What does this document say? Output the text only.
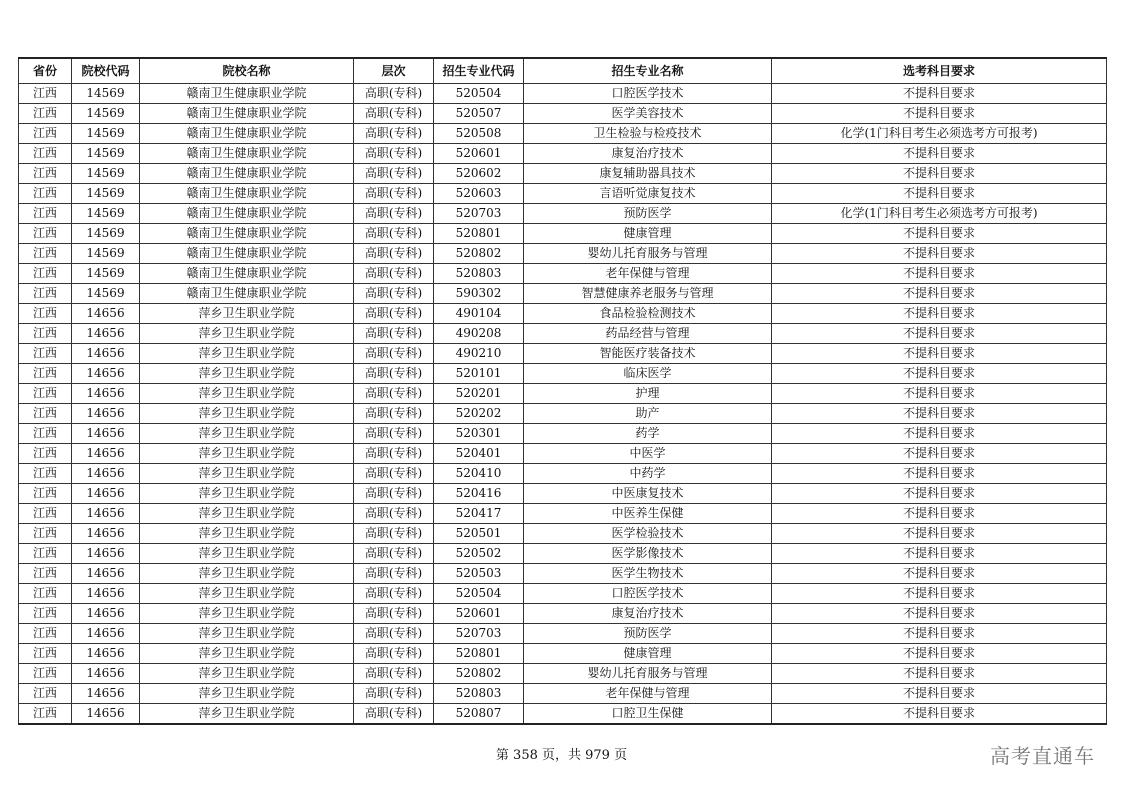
省份	院校代码	院校名称	层次	招生专业代码	招生专业名称	选考科目要求
江西	14569	赣南卫生健康职业学院	高职(专科)	520504	口腔医学技术	不提科目要求
江西	14569	赣南卫生健康职业学院	高职(专科)	520507	医学美容技术	不提科目要求
江西	14569	赣南卫生健康职业学院	高职(专科)	520508	卫生检验与检疫技术	化学(1门科目考生必须选考方可报考)
江西	14569	赣南卫生健康职业学院	高职(专科)	520601	康复治疗技术	不提科目要求
江西	14569	赣南卫生健康职业学院	高职(专科)	520602	康复辅助器具技术	不提科目要求
江西	14569	赣南卫生健康职业学院	高职(专科)	520603	言语听觉康复技术	不提科目要求
江西	14569	赣南卫生健康职业学院	高职(专科)	520703	预防医学	化学(1门科目考生必须选考方可报考)
江西	14569	赣南卫生健康职业学院	高职(专科)	520801	健康管理	不提科目要求
江西	14569	赣南卫生健康职业学院	高职(专科)	520802	婴幼儿托育服务与管理	不提科目要求
江西	14569	赣南卫生健康职业学院	高职(专科)	520803	老年保健与管理	不提科目要求
江西	14569	赣南卫生健康职业学院	高职(专科)	590302	智慧健康养老服务与管理	不提科目要求
江西	14656	萍乡卫生职业学院	高职(专科)	490104	食品检验检测技术	不提科目要求
江西	14656	萍乡卫生职业学院	高职(专科)	490208	药品经营与管理	不提科目要求
江西	14656	萍乡卫生职业学院	高职(专科)	490210	智能医疗装备技术	不提科目要求
江西	14656	萍乡卫生职业学院	高职(专科)	520101	临床医学	不提科目要求
江西	14656	萍乡卫生职业学院	高职(专科)	520201	护理	不提科目要求
江西	14656	萍乡卫生职业学院	高职(专科)	520202	助产	不提科目要求
江西	14656	萍乡卫生职业学院	高职(专科)	520301	药学	不提科目要求
江西	14656	萍乡卫生职业学院	高职(专科)	520401	中医学	不提科目要求
江西	14656	萍乡卫生职业学院	高职(专科)	520410	中药学	不提科目要求
江西	14656	萍乡卫生职业学院	高职(专科)	520416	中医康复技术	不提科目要求
江西	14656	萍乡卫生职业学院	高职(专科)	520417	中医养生保健	不提科目要求
江西	14656	萍乡卫生职业学院	高职(专科)	520501	医学检验技术	不提科目要求
江西	14656	萍乡卫生职业学院	高职(专科)	520502	医学影像技术	不提科目要求
江西	14656	萍乡卫生职业学院	高职(专科)	520503	医学生物技术	不提科目要求
江西	14656	萍乡卫生职业学院	高职(专科)	520504	口腔医学技术	不提科目要求
江西	14656	萍乡卫生职业学院	高职(专科)	520601	康复治疗技术	不提科目要求
江西	14656	萍乡卫生职业学院	高职(专科)	520703	预防医学	不提科目要求
江西	14656	萍乡卫生职业学院	高职(专科)	520801	健康管理	不提科目要求
江西	14656	萍乡卫生职业学院	高职(专科)	520802	婴幼儿托育服务与管理	不提科目要求
江西	14656	萍乡卫生职业学院	高职(专科)	520803	老年保健与管理	不提科目要求
江西	14656	萍乡卫生职业学院	高职(专科)	520807	口腔卫生保健	不提科目要求
第 358 页，共 979 页	高考直通车
